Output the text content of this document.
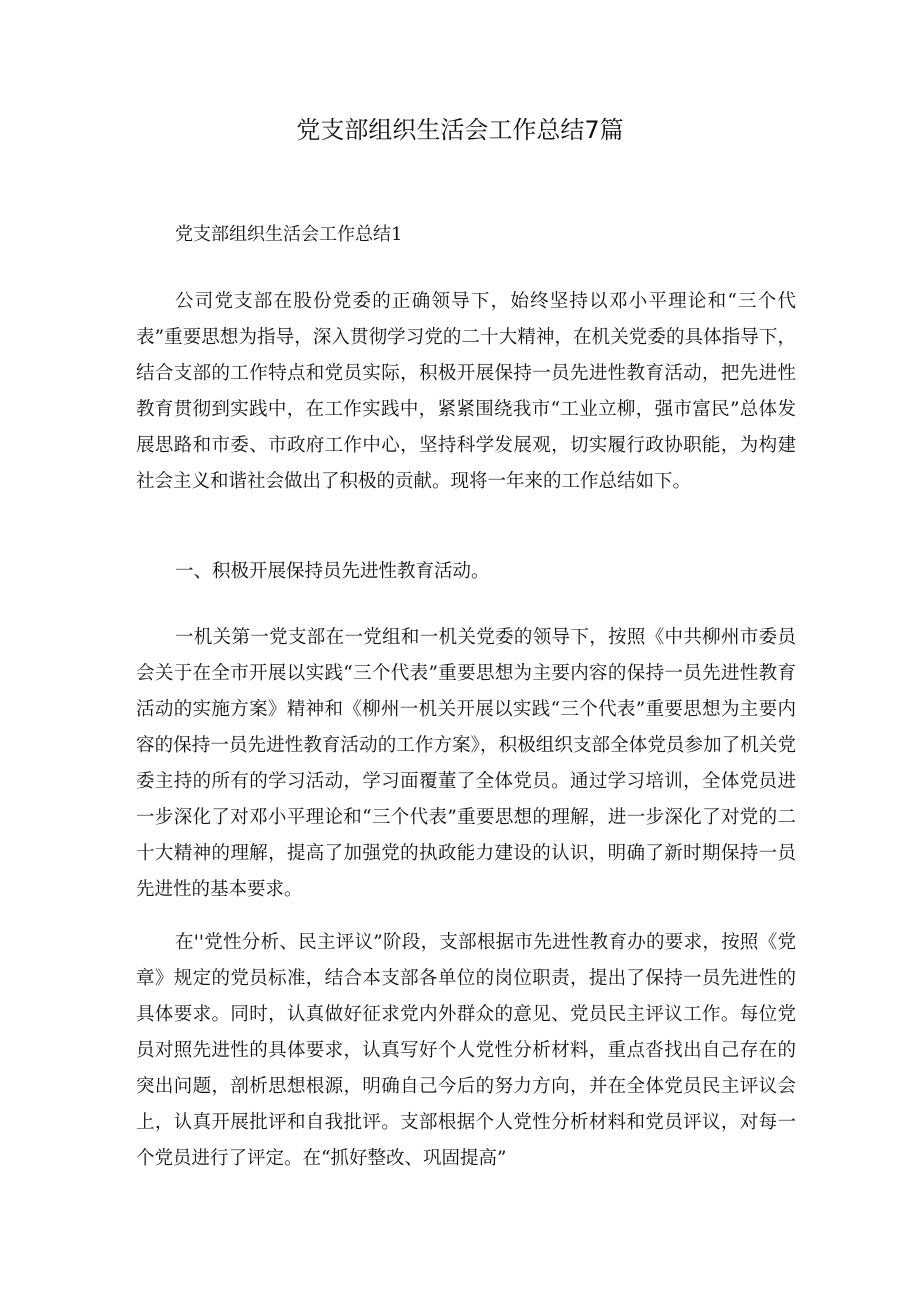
党支部组织生活会工作总结7篇

党支部组织生活会工作总结1

公司党支部在股份党委的正确领导下，始终坚持以邓小平理论和“三个代表”重要思想为指导，深入贯彻学习党的二十大精神，在机关党委的具体指导下，结合支部的工作特点和党员实际，积极开展保持一员先进性教育活动，把先进性教育贯彻到实践中，在工作实践中，紧紧围绕我市“工业立柳，强市富民”总体发展思路和市委、市政府工作中心，坚持科学发展观，切实履行政协职能，为构建社会主义和谐社会做出了积极的贡献。现将一年来的工作总结如下。

一、积极开展保持员先进性教育活动。

一机关第一党支部在一党组和一机关党委的领导下，按照《中共柳州市委员会关于在全市开展以实践“三个代表”重要思想为主要内容的保持一员先进性教育活动的实施方案》精神和《柳州一机关开展以实践“三个代表”重要思想为主要内容的保持一员先进性教育活动的工作方案》，积极组织支部全体党员参加了机关党委主持的所有的学习活动，学习面覆董了全体党员。通过学习培训，全体党员进一步深化了对邓小平理论和“三个代表”重要思想的理解，进一步深化了对党的二十大精神的理解，提高了加强党的执政能力建设的认识，明确了新时期保持一员先进性的基本要求。

在''党性分析、民主评议”阶段，支部根据市先进性教育办的要求，按照《党章》规定的党员标准，结合本支部各单位的岗位职责，提出了保持一员先进性的具体要求。同时，认真做好征求党内外群众的意见、党员民主评议工作。每位党员对照先进性的具体要求，认真写好个人党性分析材料，重点沓找出自己存在的突出问题，剖析思想根源，明确自己今后的努力方向，并在全体党员民主评议会上，认真开展批评和自我批评。支部根据个人党性分析材料和党员评议，对每一个党员进行了评定。在“抓好整改、巩固提高”
